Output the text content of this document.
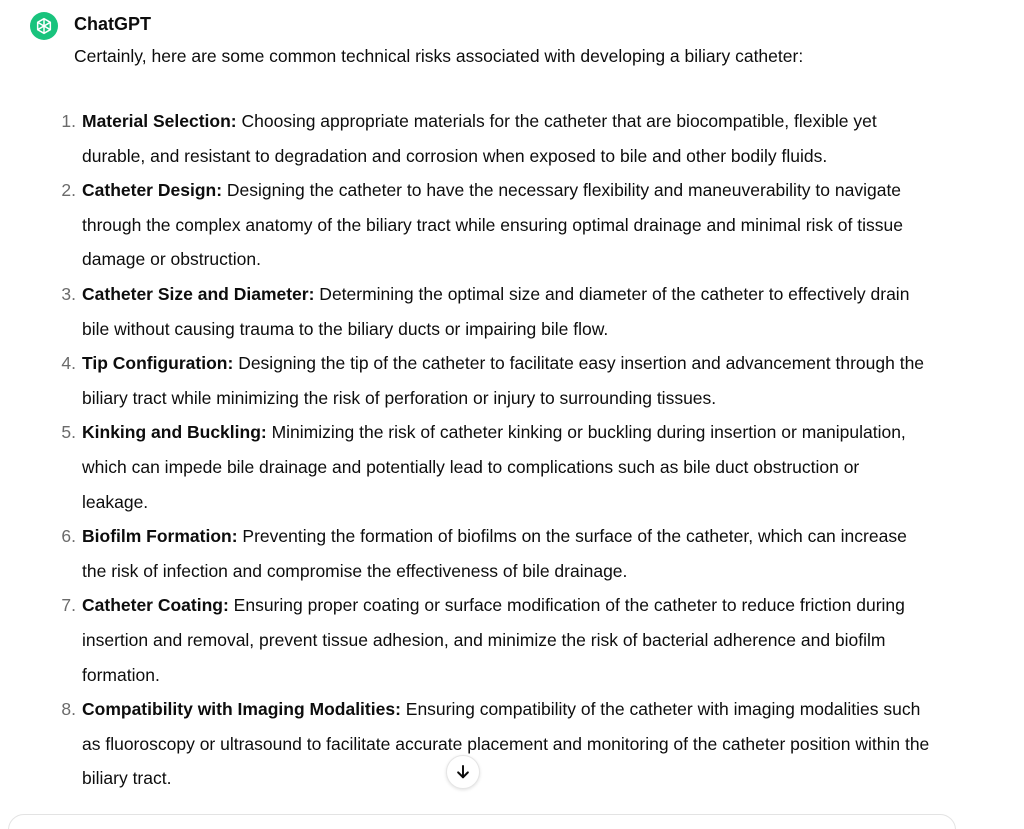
ChatGPT
Certainly, here are some common technical risks associated with developing a biliary catheter:
1. Material Selection: Choosing appropriate materials for the catheter that are biocompatible, flexible yet durable, and resistant to degradation and corrosion when exposed to bile and other bodily fluids.
2. Catheter Design: Designing the catheter to have the necessary flexibility and maneuverability to navigate through the complex anatomy of the biliary tract while ensuring optimal drainage and minimal risk of tissue damage or obstruction.
3. Catheter Size and Diameter: Determining the optimal size and diameter of the catheter to effectively drain bile without causing trauma to the biliary ducts or impairing bile flow.
4. Tip Configuration: Designing the tip of the catheter to facilitate easy insertion and advancement through the biliary tract while minimizing the risk of perforation or injury to surrounding tissues.
5. Kinking and Buckling: Minimizing the risk of catheter kinking or buckling during insertion or manipulation, which can impede bile drainage and potentially lead to complications such as bile duct obstruction or leakage.
6. Biofilm Formation: Preventing the formation of biofilms on the surface of the catheter, which can increase the risk of infection and compromise the effectiveness of bile drainage.
7. Catheter Coating: Ensuring proper coating or surface modification of the catheter to reduce friction during insertion and removal, prevent tissue adhesion, and minimize the risk of bacterial adherence and biofilm formation.
8. Compatibility with Imaging Modalities: Ensuring compatibility of the catheter with imaging modalities such as fluoroscopy or ultrasound to facilitate accurate placement and monitoring of the catheter position within the biliary tract.
